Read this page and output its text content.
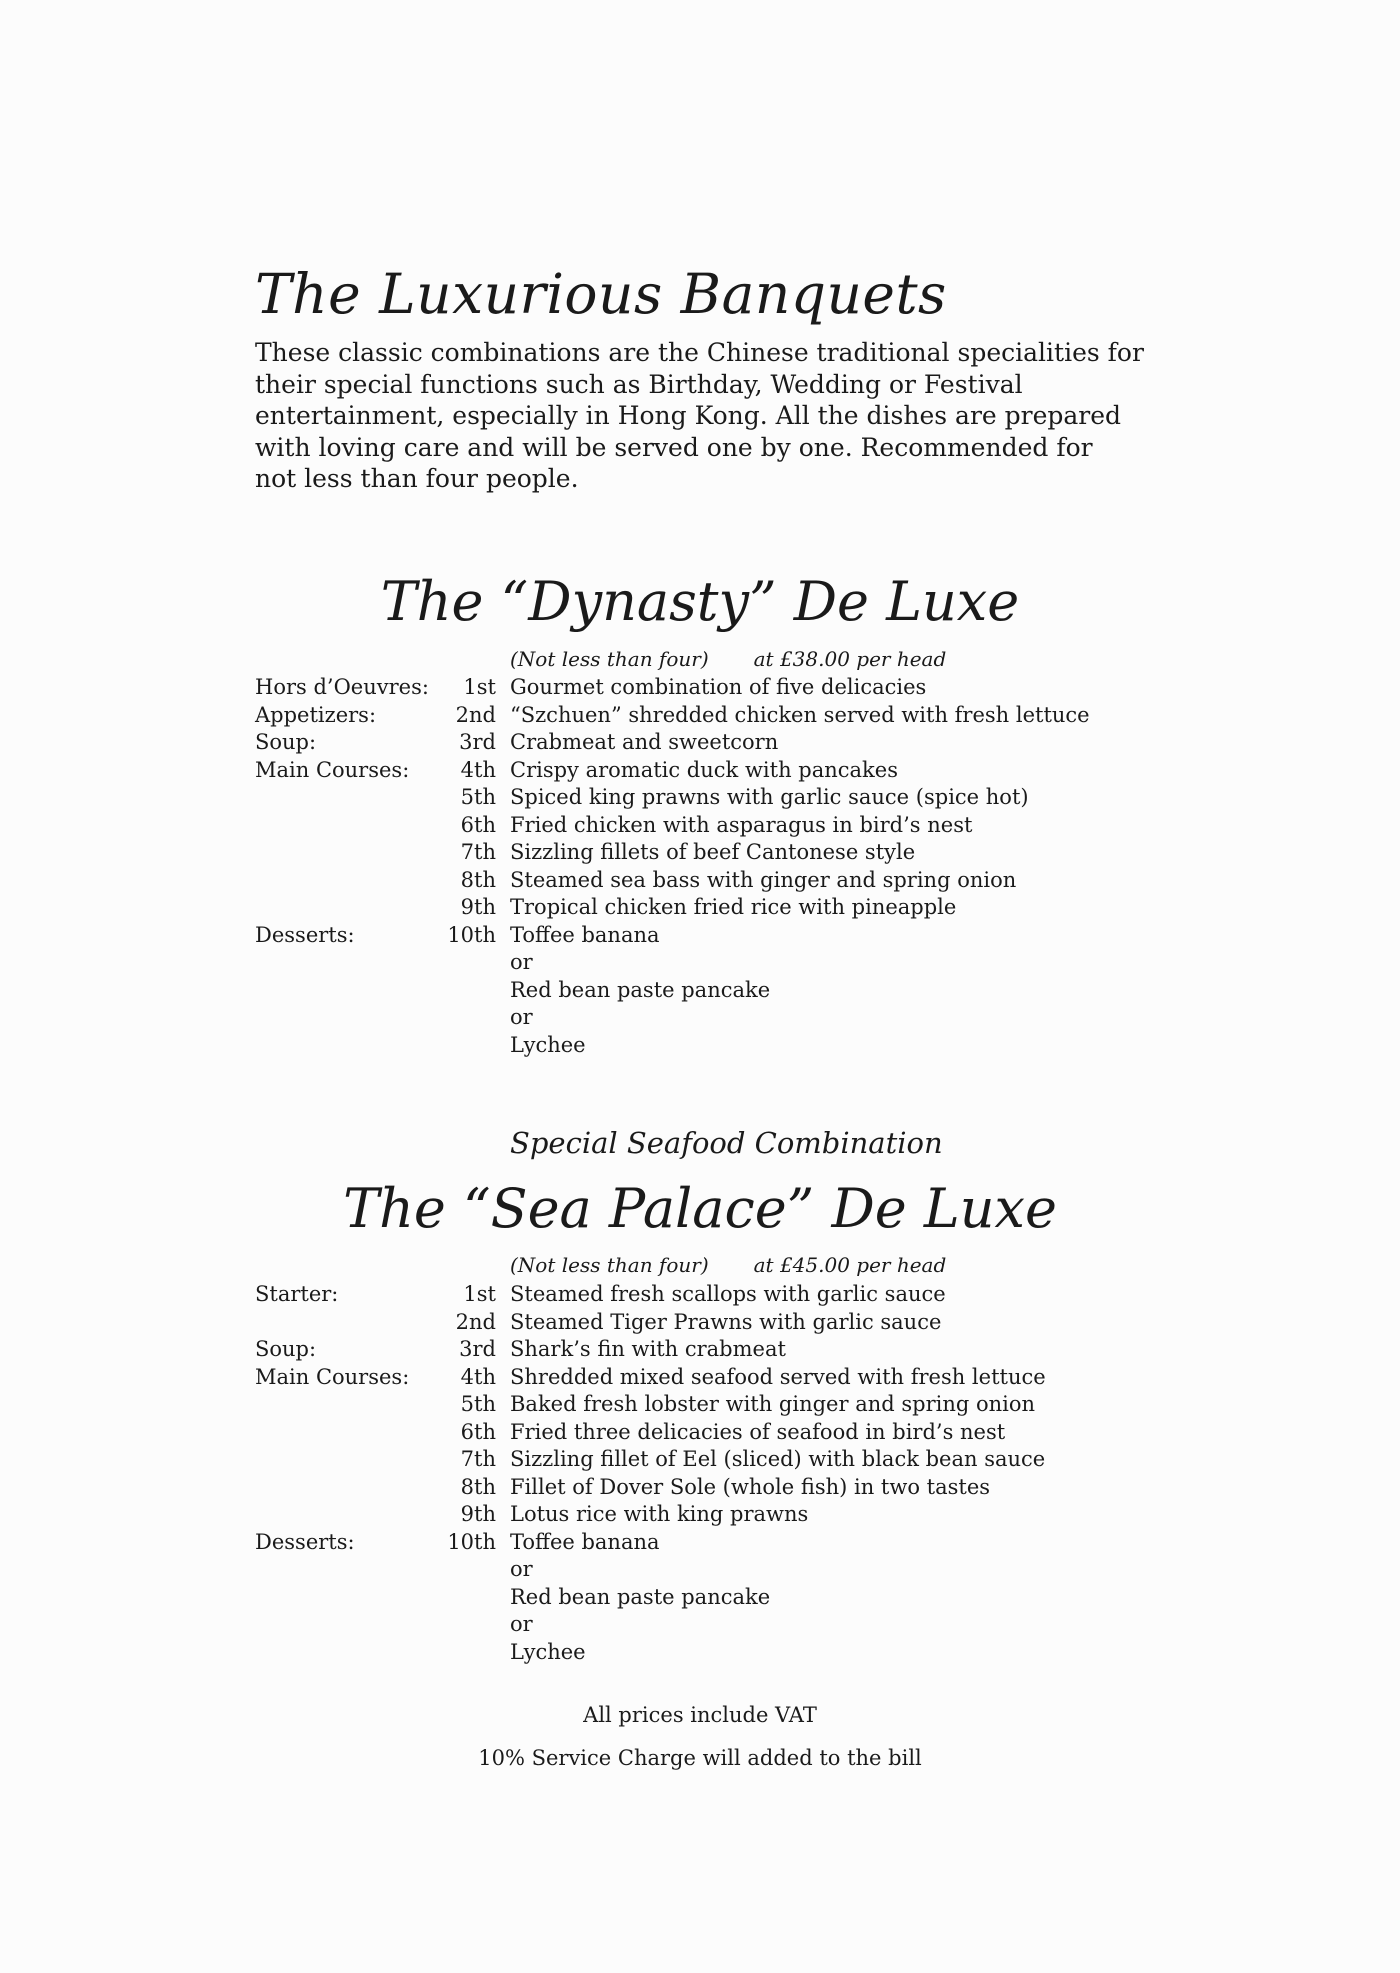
The Luxurious Banquets
These classic combinations are the Chinese traditional specialities for
their special functions such as Birthday, Wedding or Festival
entertainment, especially in Hong Kong. All the dishes are prepared
with loving care and will be served one by one. Recommended for
not less than four people.
The “Dynasty” De Luxe
(Not less than four) at £38.00 per head
Hors d’Oeuvres:	1st Gourmet combination of five delicacies
Appetizers:	2nd “Szchuen” shredded chicken served with fresh lettuce
Soup:	3rd Crabmeat and sweetcorn
Main Courses:	4th Crispy aromatic duck with pancakes
5th Spiced king prawns with garlic sauce (spice hot)
6th Fried chicken with asparagus in bird’s nest
7th Sizzling fillets of beef Cantonese style
8th Steamed sea bass with ginger and spring onion
9th Tropical chicken fried rice with pineapple
Desserts:	10th Toffee banana
or
Red bean paste pancake
or
Lychee
Special Seafood Combination
The “Sea Palace” De Luxe
(Not less than four) at £45.00 per head
Starter:	1st Steamed fresh scallops with garlic sauce
2nd Steamed Tiger Prawns with garlic sauce
Soup:	3rd Shark’s fin with crabmeat
Main Courses:	4th Shredded mixed seafood served with fresh lettuce
5th Baked fresh lobster with ginger and spring onion
6th Fried three delicacies of seafood in bird’s nest
7th Sizzling fillet of Eel (sliced) with black bean sauce
8th Fillet of Dover Sole (whole fish) in two tastes
9th Lotus rice with king prawns
Desserts:	10th Toffee banana
or
Red bean paste pancake
or
Lychee
All prices include VAT
10% Service Charge will added to the bill
